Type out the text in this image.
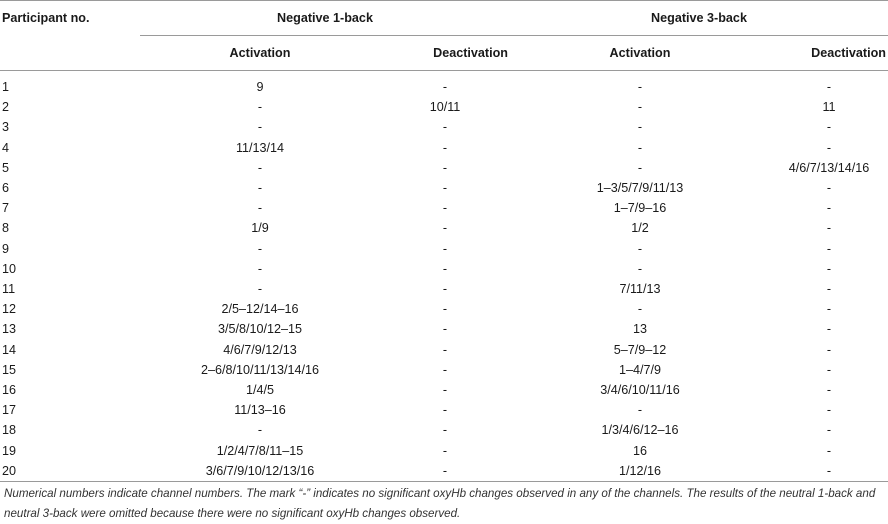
Participant no.	Negative 1-back		Negative 3-back	
	Activation	Deactivation	Activation	Deactivation
1	9	-	-	-
2	-	10/11	-	11
3	-	-	-	-
4	11/13/14	-	-	-
5	-	-	-	4/6/7/13/14/16
6	-	-	1–3/5/7/9/11/13	-
7	-	-	1–7/9–16	-
8	1/9	-	1/2	-
9	-	-	-	-
10	-	-	-	-
11	-	-	7/11/13	-
12	2/5–12/14–16	-	-	-
13	3/5/8/10/12–15	-	13	-
14	4/6/7/9/12/13	-	5–7/9–12	-
15	2–6/8/10/11/13/14/16	-	1–4/7/9	-
16	1/4/5	-	3/4/6/10/11/16	-
17	11/13–16	-	-	-
18	-	-	1/3/4/6/12–16	-
19	1/2/4/7/8/11–15	-	16	-
20	3/6/7/9/10/12/13/16	-	1/12/16	-
Numerical numbers indicate channel numbers. The mark “-” indicates no significant oxyHb changes observed in any of the channels. The results of the neutral 1-back and neutral 3-back were omitted because there were no significant oxyHb changes observed.
